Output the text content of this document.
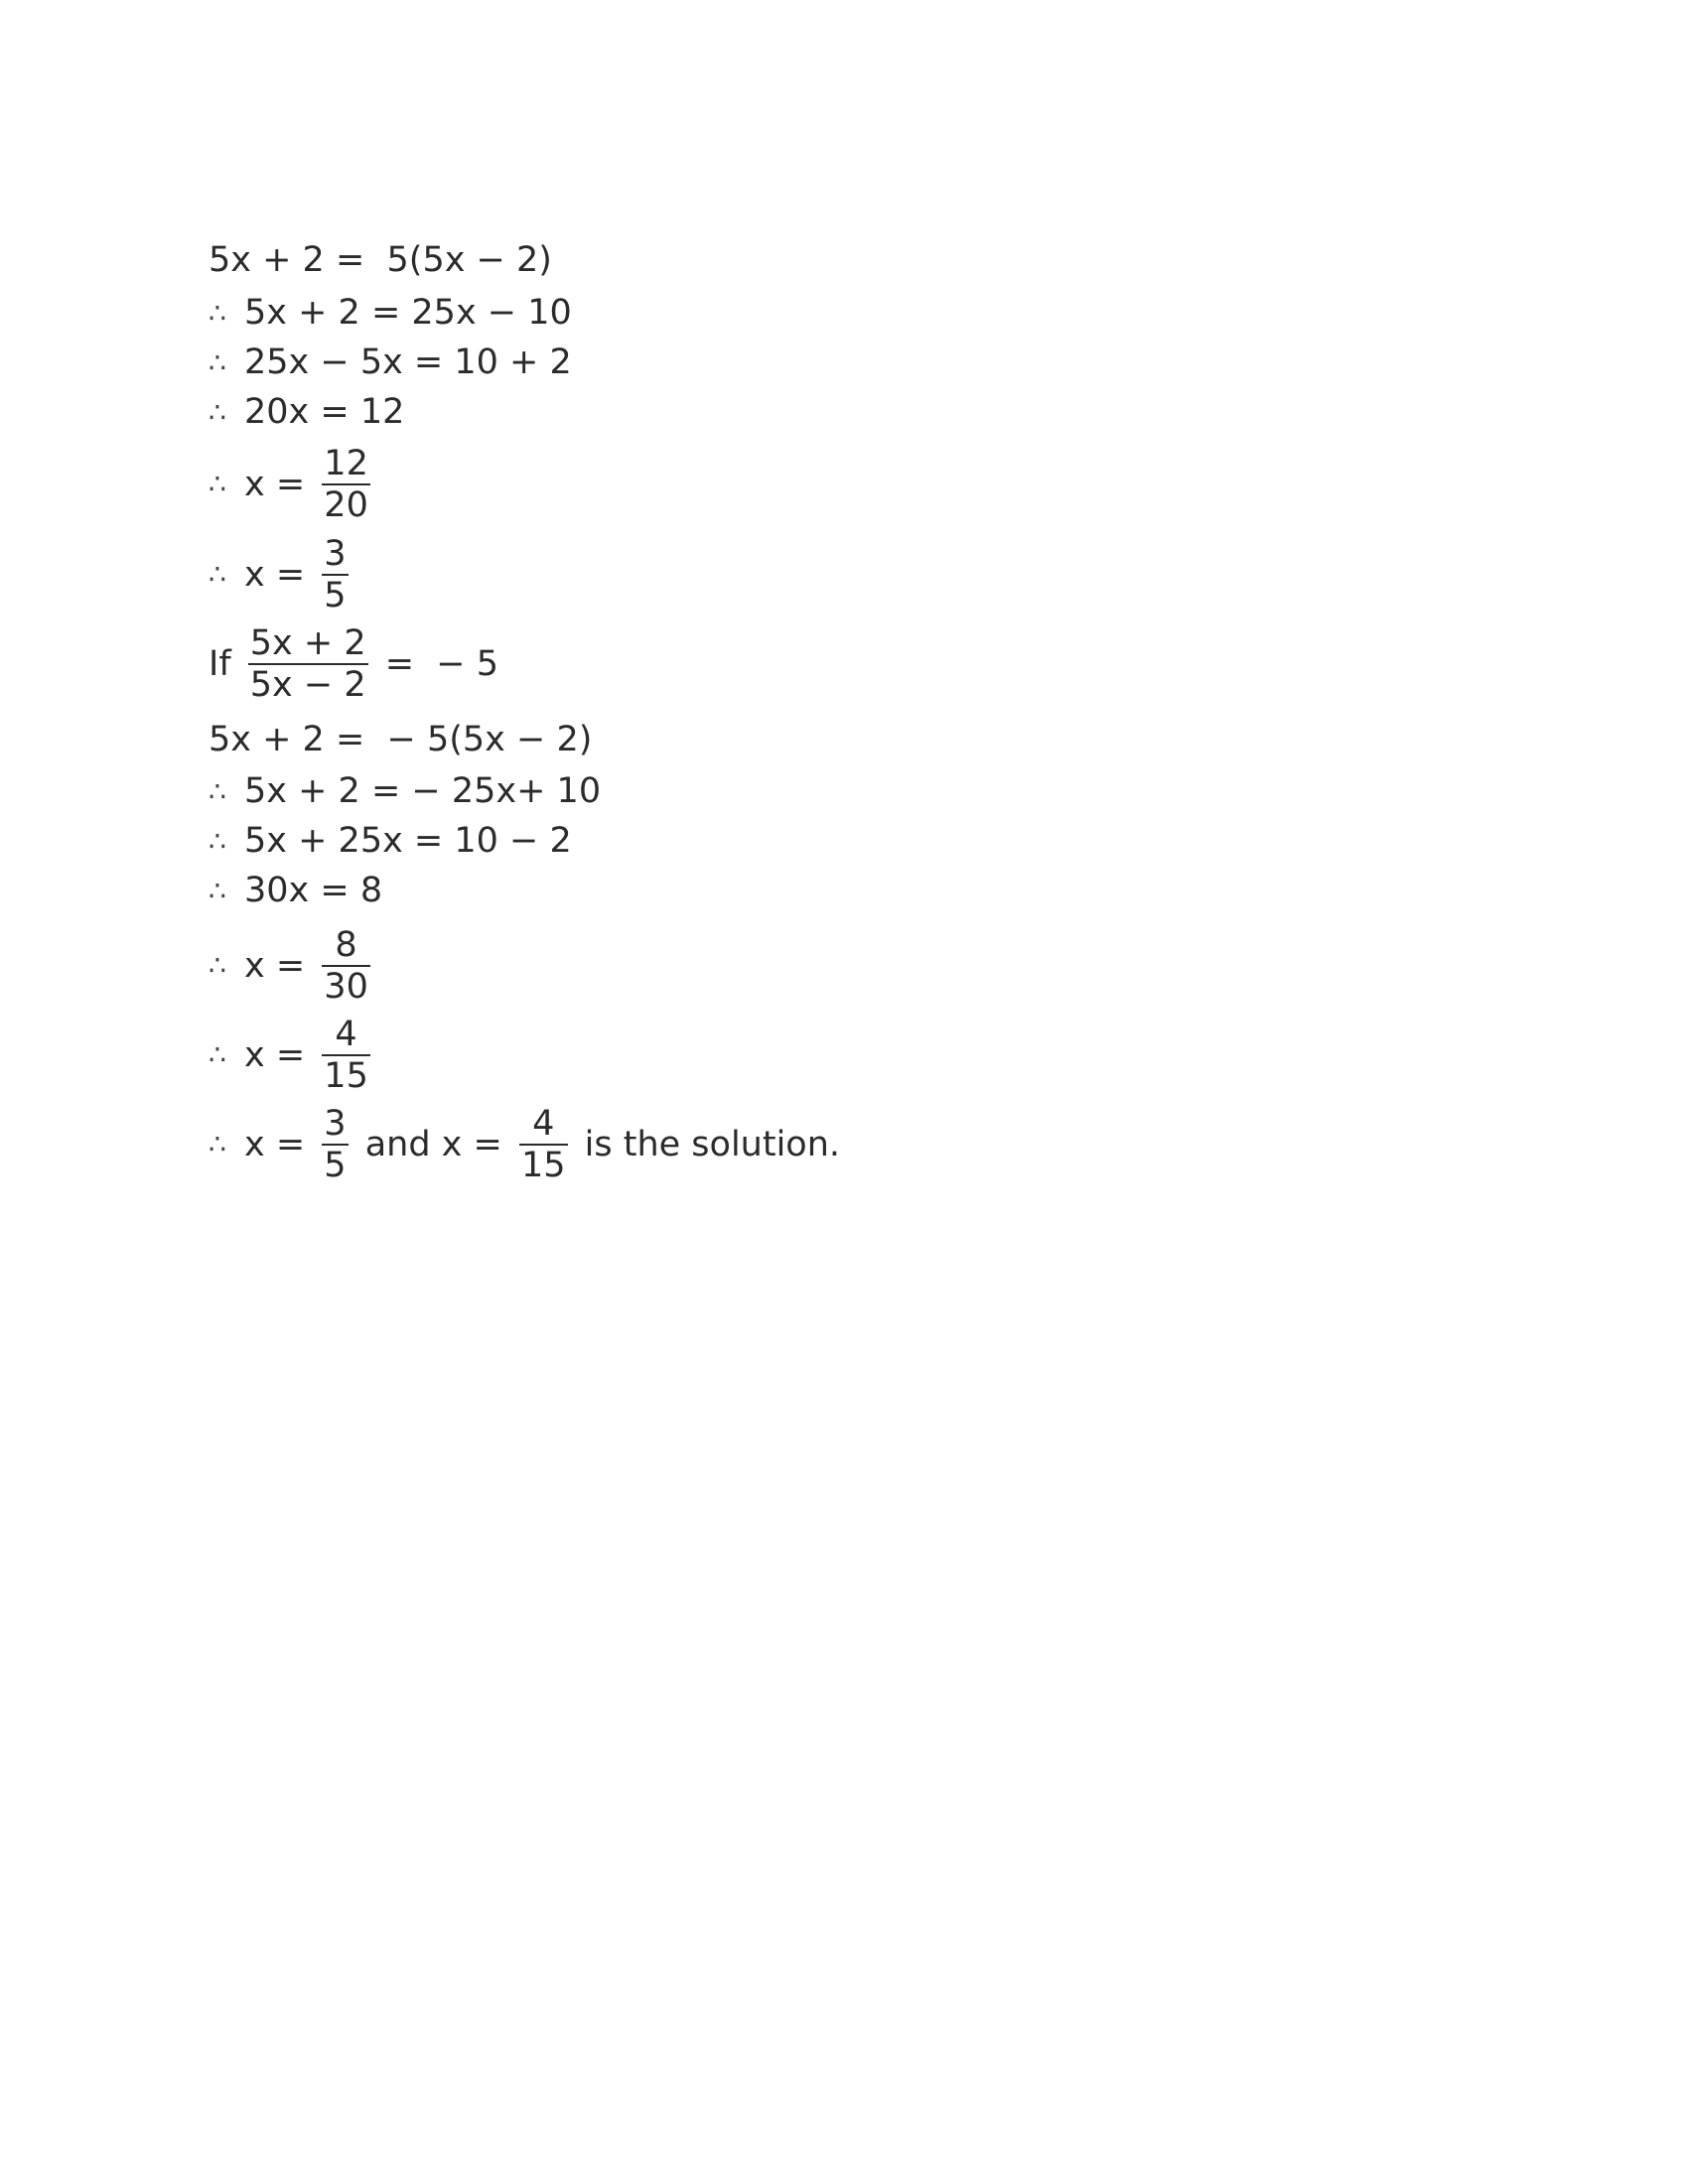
5x + 2 =  5(5x − 2)
∴ 5x + 2 = 25x − 10
∴ 25x − 5x = 10 + 2
∴ 20x = 12
∴ $x = \frac{12}{20}$
∴ $x = \frac{3}{5}$
If $\frac{5x + 2}{5x - 2}$ =  − 5
5x + 2 =  − 5(5x − 2)
∴ 5x + 2 = − 25x+ 10
∴ 5x + 25x = 10 − 2
∴ 30x = 8
∴ $x = \frac{8}{30}$
∴ $x = \frac{4}{15}$
∴ $x = \frac{3}{5}$ and $x = \frac{4}{15}$ is the solution.
